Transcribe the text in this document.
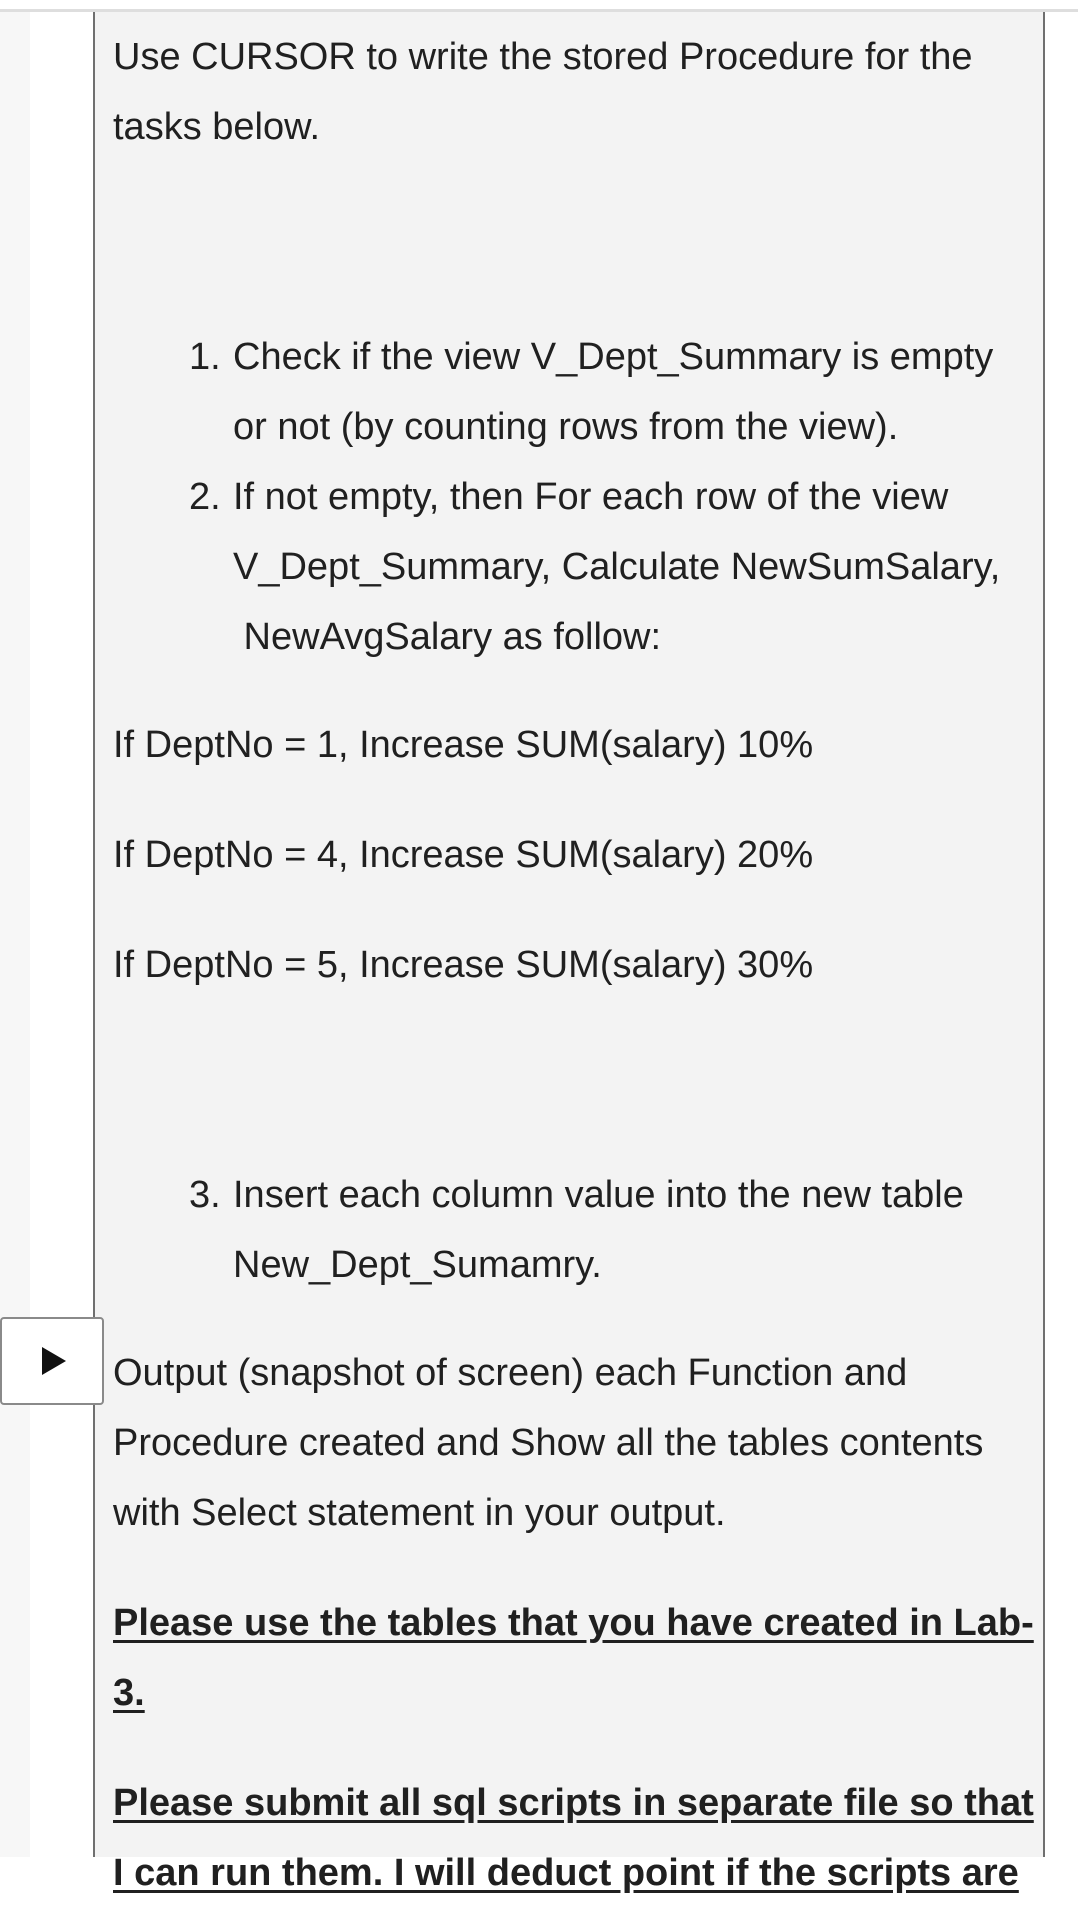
Use CURSOR to write the stored Procedure for the

tasks below.

1. Check if the view V_Dept_Summary is empty

or not (by counting rows from the view).

2. If not empty, then For each row of the view

V_Dept_Summary, Calculate NewSumSalary,

NewAvgSalary as follow:

If DeptNo = 1, Increase SUM(salary) 10%

If DeptNo = 4, Increase SUM(salary) 20%

If DeptNo = 5, Increase SUM(salary) 30%

3. Insert each column value into the new table

New_Dept_Sumamry.

Output (snapshot of screen) each Function and

Procedure created and Show all the tables contents

with Select statement in your output.

Please use the tables that you have created in Lab-

3.

Please submit all sql scripts in separate file so that

I can run them. I will deduct point if the scripts are
